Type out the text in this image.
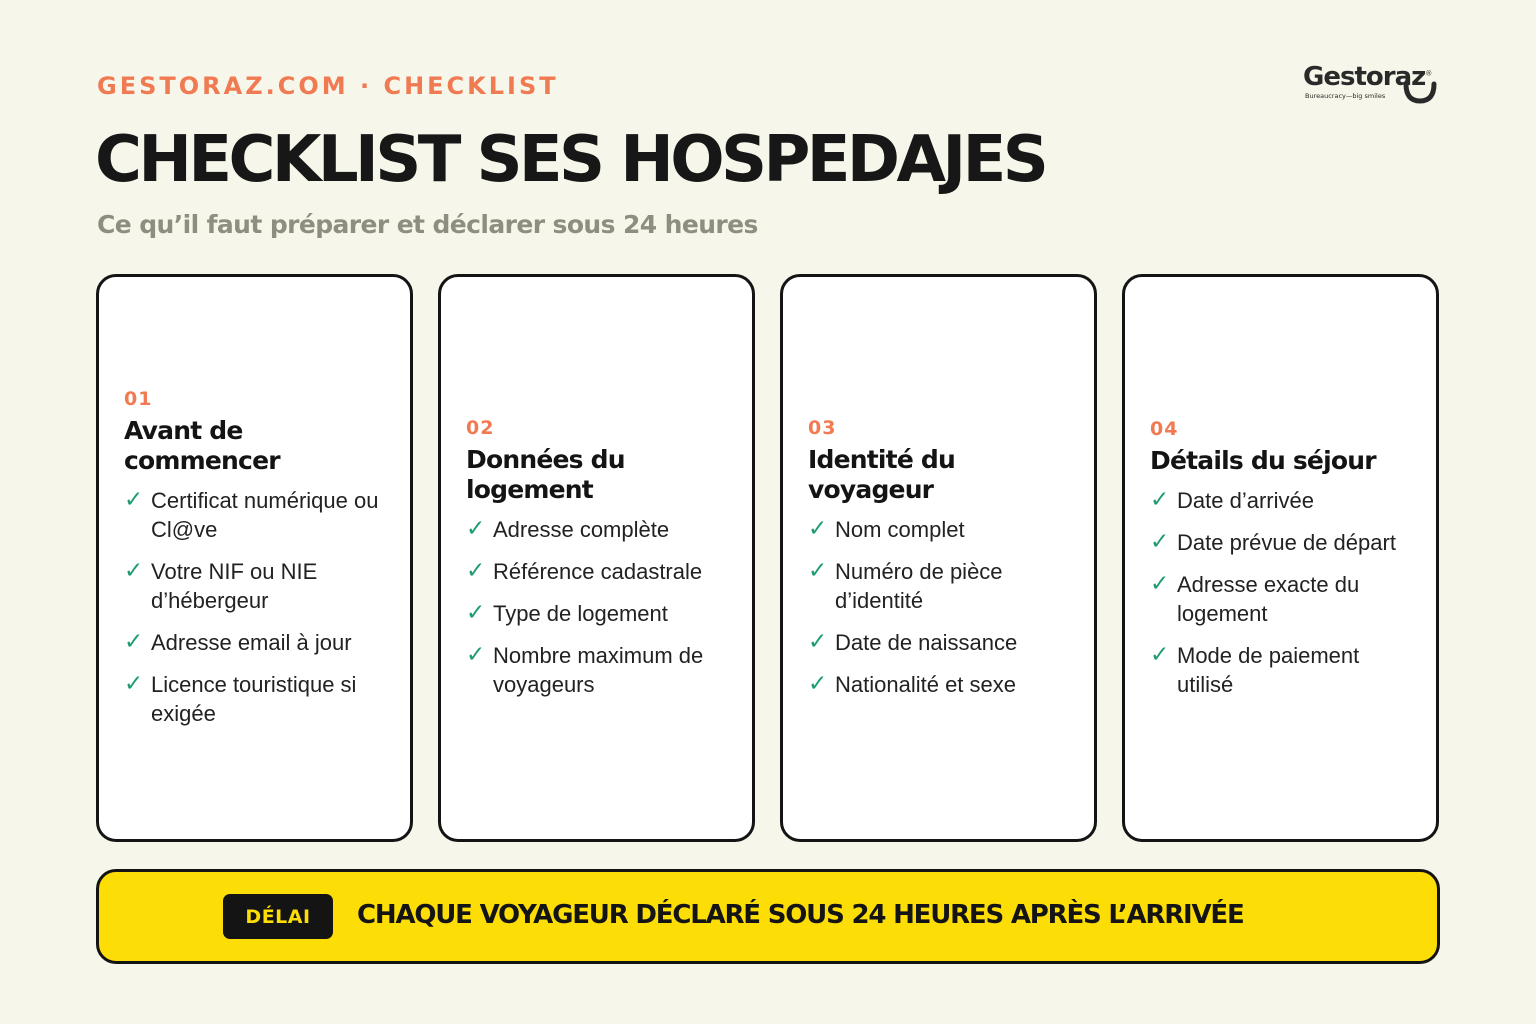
GESTORAZ.COM · CHECKLIST	Gestoraz®
Bureaucracy—big smiles
CHECKLIST SES HOSPEDAJES
Ce qu’il faut préparer et déclarer sous 24 heures
01
Avant de commencer
✓ Certificat numérique ou Cl@ve
✓ Votre NIF ou NIE d’hébergeur
✓ Adresse email à jour
✓ Licence touristique si exigée
02
Données du logement
✓ Adresse complète
✓ Référence cadastrale
✓ Type de logement
✓ Nombre maximum de voyageurs
03
Identité du voyageur
✓ Nom complet
✓ Numéro de pièce d’identité
✓ Date de naissance
✓ Nationalité et sexe
04
Détails du séjour
✓ Date d’arrivée
✓ Date prévue de départ
✓ Adresse exacte du logement
✓ Mode de paiement utilisé
DÉLAI	CHAQUE VOYAGEUR DÉCLARÉ SOUS 24 HEURES APRÈS L’ARRIVÉE
